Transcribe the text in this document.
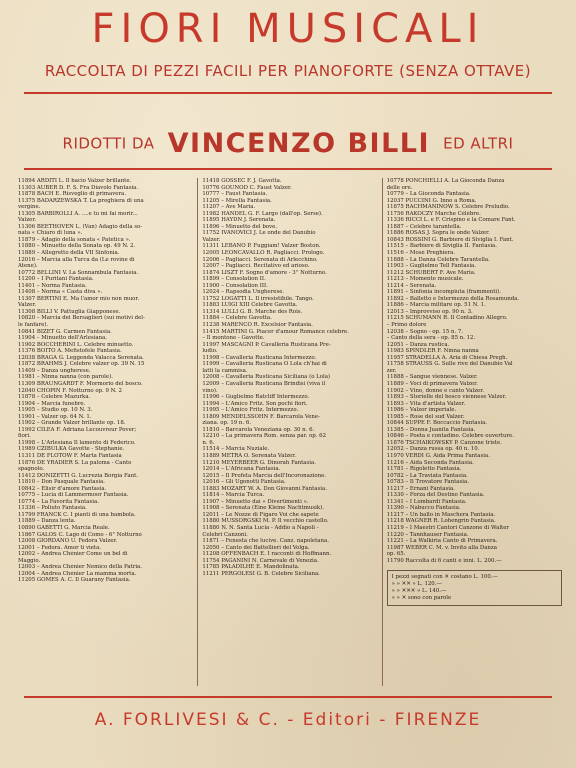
FIORI MUSICALI
RACCOLTA DI PEZZI FACILI PER PIANOFORTE (SENZA OTTAVE)
RIDOTTI DA VINCENZO BILLI ED ALTRI
11894 ARDITI L. Il bacio Valzer brillante.
11303 AUBER D. F. S. Fra Diavolo Fantasia.
11878 BACH E. Risveglio di primavera.
11375 BADARZEWSKA T. La preghiera di una
vergine.
11305 BARBIROLLI A. ....e tu mi fai morir...
Valzer.
11306 BEETHOVEN L. (Van) Adagio della so-
nata « Chiaro di luna ».
11879 – Adagio della sonata « Patetica ».
11880 – Minuetto della Sonata op. 49 N. 2.
11889 – Allegretto della VII Sinfonia.
12016 – Marcia alla Turca da (Le rovine di
Atene).
10772 BELLINI V. La Sonnambula Fantasia.
11200 – I Puritani Fantasia.
11401 – Norma Fantasia.
11408 – Norma « Casta diva ».
11307 BERTINI E. Ma l'amor mio non muor.
Valzer.
11308 BILLI V. Pattuglia Giapponese.
10820 – Marcia dei Bersaglieri (sui motivi del-
le fanfare).
10841 BIZET G. Carmen Fantasia.
11904 – Minuetto dell'Arlesiana.
11902 BOCCHERINI L. Celebre minuetto.
11376 BOITO A. Mefistofele Fantasia.
12038 BRAGA G. Leggenda Valacca Serenata.
11872 BRAHMS J. Celebre valzer op. 39 N. 15
11409 – Danza ungherese.
11981 – Ninna nanna (con parole).
11309 BRAUNGARDT F. Mormorio del bosco.
12040 CHOPIN F. Notturno op. 9 N. 2
11878 – Celebre Mazurka.
11904 – Marcia funebre.
11905 – Studio op. 10 N. 3.
11901 – Valzer op. 64 N. 1.
11902 – Grande Valzer brillante op. 18.
11992 CILEA F. Adriana Lecouvreur Pover;
fiori.
11998 – L'Arlesiana Il lamento di Federico.
11989 CZIBULKA Gavotte - Stephanie.
11311 DE FLOTOW F. Marta Fantasia
11876 DE YRADIER S. La paloma - Canto
spagnolo.
11412 DONIZETTI G. Lucrezia Borgia Fant.
11810 – Don Pasquale Fantasia.
10842 – Elisir d'amore Fantasia.
10775 – Lucia di Lammermoor Fantasia.
10774 – La Favorita Fantasia.
11336 – Poliuto Fantasia.
11799 FRANCK C. I pianti di una bambola.
11889 – Danza lenta.
10890 GABETTI G. Marcia Reale.
11867 GALOS C. Lago di Como - 6° Notturno
12008 GIORDANO U. Fedora Valzer.
12001 – Fedora. Amor ti vieta.
12002 – Andrea Chénier Come un bel di
Maggio.
12003 – Andrea Chénier Nemico della Patria.
12004 – Andrea Chénier La mamma morta.
11205 GOMES A. C. Il Guarany Fantasia.
11418 GOSSEC F. J. Gavotta.
10776 GOUNOD C. Faust Valzer.
10777 – Faust Fantasia.
11205 – Mirella Fantasia.
11207 – Ave Maria.
11982 HANDEL G. F. Largo (dall'op. Serse).
11895 HAYDN J. Serenata.
11896 – Minuetto del bove.
11752 IVANOVICI J. Le onde del Danubio
Valzer.
11311 LEBANO P. Fuggiam! Valzer Boston.
12005 LEONCAVALLO R. Pagliacci. Prologo.
12006 – Pagliacci. Serenata di Arlecchino.
12007 – Pagliacci. Recitativo ed arioso.
11874 LISZT F. Sogno d'amore - 3° Notturno.
11899 – Consolation II.
11900 – Consolation III.
12024 – Rapsodia Ungherese.
11752 LOGATTI L. Il irresistibile. Tango.
11883 LUIGI XIII Celebre Gavotta.
11314 LULLI G. B. Marche des Rois.
11884 – Celebre Gavotta.
11238 MARENCO R. Excelsior Fantasia.
11415 MARTINI G. Piacer d'amour Romance celebre.
– Il montone - Gavotte.
11997 MASCAGNI P. Cavalleria Rusticana Pre-
ludio.
11998 – Cavalleria Rusticana Intermezzo.
11999 – Cavalleria Rusticana O Lola ch'hai di
latti la cammisa.
12008 – Cavalleria Rusticana Siciliana (o Lola)
12009 – Cavalleria Rusticana Brindisi (viva il
vino).
11996 – Guglielmo Ratcliff Intermezzo.
11994 – L'Amico Fritz. Son pochi fiori.
11995 – L'Amico Fritz. Intermezzo.
11809 MENDELSSOHN F. Barcarola Vene-
ziana. op. 19 n. 6.
11810 – Barcarola Veneziana op. 30 n. 6.
12210 – La primavera Rom. senza par. op. 62
n. 6.
11514 – Marcia Nuziale.
11889 METRA O. Serenata Valzer.
11210 MEYERBEER G. Dinorah Fantasia.
12014 – L'Africana Fantasia.
12015 – Il Profeta Marcia dell'Incoronazione.
12016 – Gli Ugonotti Fantasia.
11883 MOZART W. A. Don Giovanni Fantasia.
11814 – Marcia Turca.
11907 – Minuetto dai « Divertimenti ».
11908 – Serenata (Eine Kleine Nachtmusik).
12011 – Le Nozze di Figaro Voi che sapete
11880 MUSSORGSKI M. P. Il vecchio castello.
11880 N. N. Santa Lucia - Addio a Napoli -
Celebri Canzoni.
11871 – Fenesta che lucive. Canz. napoletana.
12050 – Canto dei Battellieri del Volga.
11208 OFFENBACH E. I racconti di Hoffmann.
11754 PAGANINI N. Carnevale di Venezia.
11785 PALADILHE E. Mandolinata.
11211 PERGOLESI G. B. Celebre Siciliana.
10778 PONCHIELLI A. La Gioconda Danza
delle ore.
10779 – La Gioconda Fantasia.
12037 PUCCINI G. Inno a Roma.
11875 RACHMANINOW S. Celebre Preludio.
11756 RAKOCZY Marche Célèbre.
11336 RICCI L. e F. Crispino e la Comare Fant.
11887 – Celebre tarantella.
11886 ROSAS J. Sopra le onde Valzer.
10843 ROSSINI G. Barbiere di Siviglia I. Fant.
11515 – Barbiere di Siviglia II. Fantasia.
11516 – Mosè Preghiera.
11888 – La Danza Celebre Tarantella.
11903 – Guglielmo Tell Fantasia.
11212 SCHUBERT F. Ave Maria.
11213 – Momento musicale.
11214 – Serenata.
11891 – Sinfonia incompiuta (frammenti).
11892 – Balletto e Intermezzo della Rosamunda.
11886 – Marcia militare op. 51 N. 1.
12013 – Improvviso op. 90 n. 3.
11215 SCHUMANN R. Il Contadino Allegro.
– Primo dolore
12038 – Sogno - op. 15 n. 7.
– Canto della sera - op. 85 n. 12.
12051 – Danza rustica.
11983 SPINDLER F. Ninna nanna
11957 STRADELLA A. Aria di Chiesa Pregh.
11758 STRAUSS G. Sulle rive del Danubio Val
zer.
11888 – Sangue viennese. Valzer.
11889 – Voci di primavera Valzer.
11902 – Vino, donne e canto Valzer.
11893 – Storielle del bosco viennese Valzer.
11893 – Vita d'artista Valzer.
11986 – Valzer imperiale.
11985 – Rose del sud Valzer.
10844 SUPPÈ F. Boccaccio Fantasia.
11385 – Donna Juanita Fantasia.
10846 – Poeta e contadino. Celebre ouverture.
11876 TSCHAIKOWSKY P. Canzone triste.
12052 – Danza russa op. 40 n. 10.
11970 VERDI G. Aida Prima Fantasia.
11216 – Aida Seconda Fantasia.
11781 – Rigoletto Fantasia.
10782 – La Traviata Fantasia.
10783 – Il Trovatore Fantasia.
11217 – Ernani Fantasia.
11330 – Forza del Destino Fantasia.
11341 – I Lombardi Fantasia.
11390 – Nabucco Fantasia.
11217 – Un ballo in Maschera Fantasia.
11218 WAGNER R. Lohengrin Fantasia.
11219 – I Maestri Cantori Canzone di Walter
11220 – Tannhauser Fantasia.
11221 – La Walkiria Canto di Primavera.
11987 WEBER C. M. v. Invito alla Danza
op. 65.
11790 Raccolta di 6 canti e inni. L. 200.—
I pezzi segnati con ✕ costano L. 100.—
» » ✕✕ » L. 120.—
» » ✕✕✕ » L. 140.—
» » ✕ sono con parole
A. FORLIVESI & C. - Editori - FIRENZE
